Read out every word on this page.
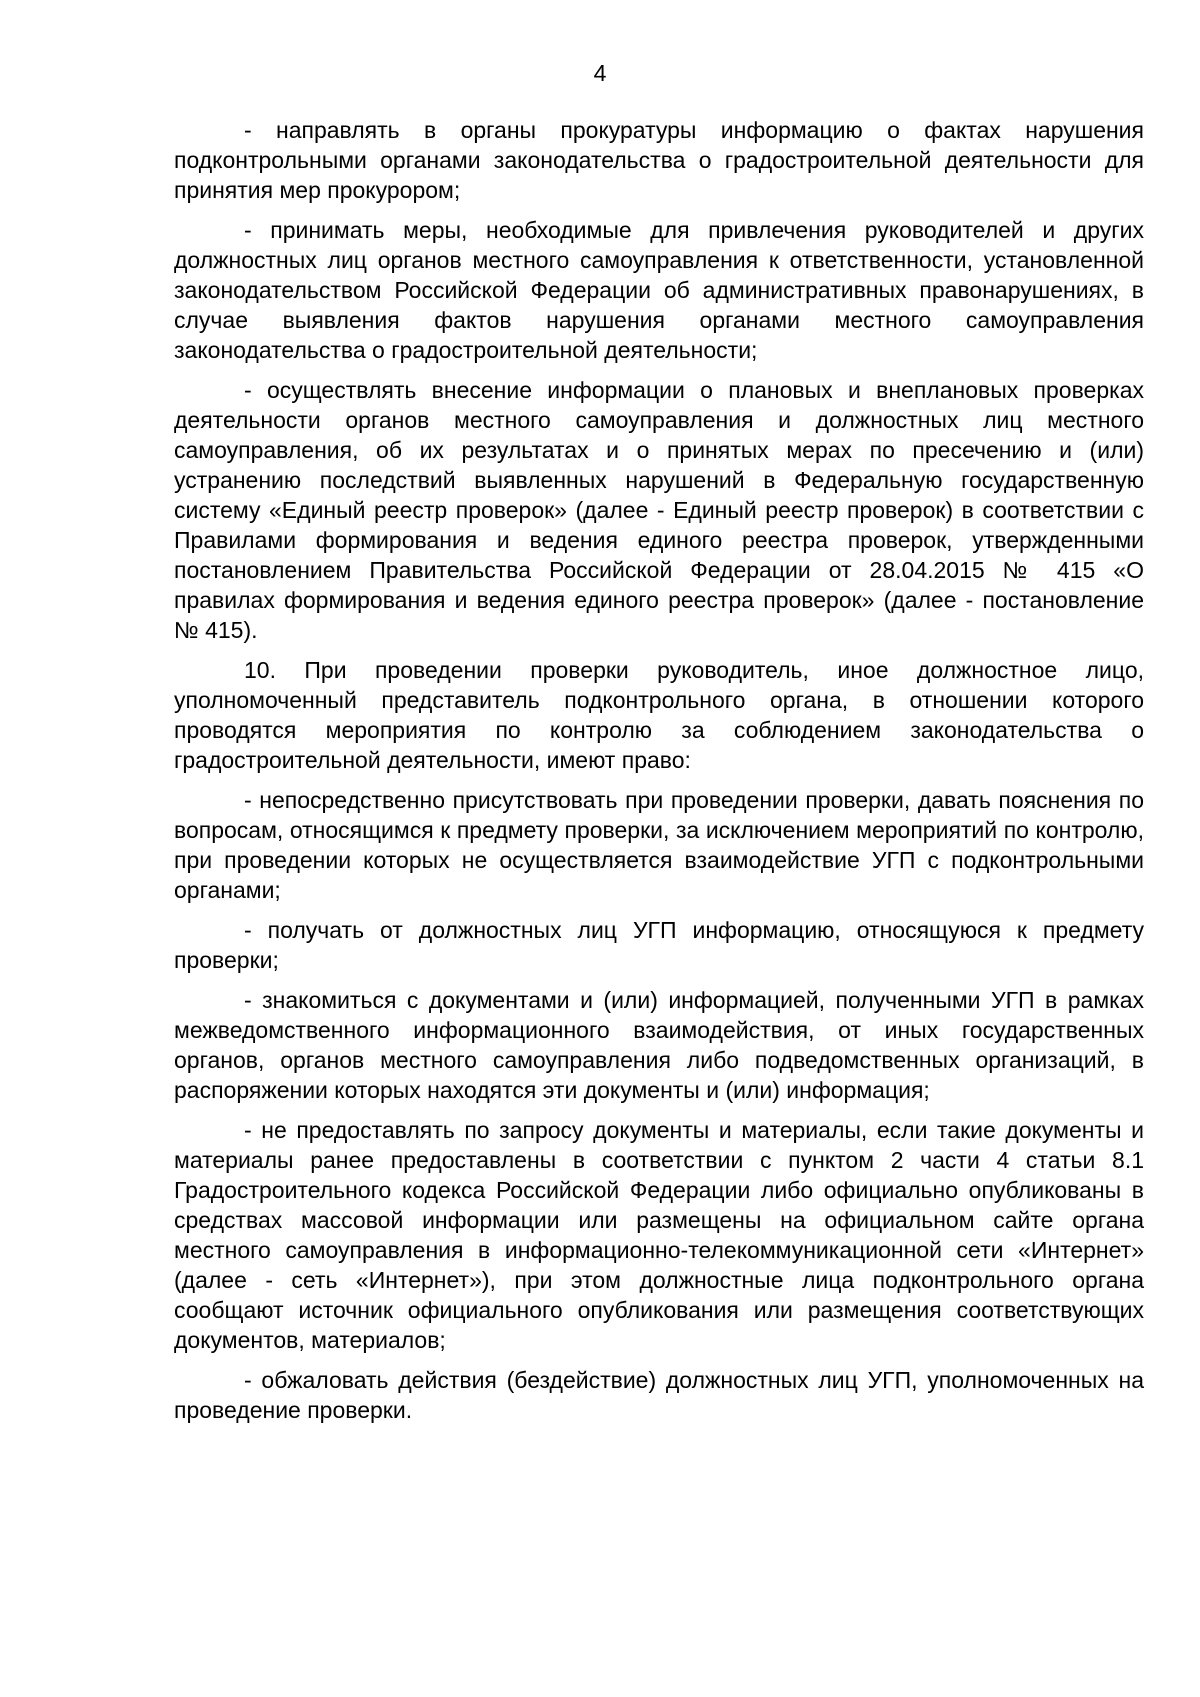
4

- направлять в органы прокуратуры информацию о фактах нарушения подконтрольными органами законодательства о градостроительной деятельности для принятия мер прокурором;

- принимать меры, необходимые для привлечения руководителей и других должностных лиц органов местного самоуправления к ответственности, установленной законодательством Российской Федерации об административных правонарушениях, в случае выявления фактов нарушения органами местного самоуправления законодательства о градостроительной деятельности;

- осуществлять внесение информации о плановых и внеплановых проверках деятельности органов местного самоуправления и должностных лиц местного самоуправления, об их результатах и о принятых мерах по пресечению и (или) устранению последствий выявленных нарушений в Федеральную государственную систему «Единый реестр проверок» (далее - Единый реестр проверок) в соответствии с Правилами формирования и ведения единого реестра проверок, утвержденными постановлением Правительства Российской Федерации от 28.04.2015 № 415 «О правилах формирования и ведения единого реестра проверок» (далее - постановление № 415).

10. При проведении проверки руководитель, иное должностное лицо, уполномоченный представитель подконтрольного органа, в отношении которого проводятся мероприятия по контролю за соблюдением законодательства о градостроительной деятельности, имеют право:

- непосредственно присутствовать при проведении проверки, давать пояснения по вопросам, относящимся к предмету проверки, за исключением мероприятий по контролю, при проведении которых не осуществляется взаимодействие УГП с подконтрольными органами;

- получать от должностных лиц УГП информацию, относящуюся к предмету проверки;

- знакомиться с документами и (или) информацией, полученными УГП в рамках межведомственного информационного взаимодействия, от иных государственных органов, органов местного самоуправления либо подведомственных организаций, в распоряжении которых находятся эти документы и (или) информация;

- не предоставлять по запросу документы и материалы, если такие документы и материалы ранее предоставлены в соответствии с пунктом 2 части 4 статьи 8.1 Градостроительного кодекса Российской Федерации либо официально опубликованы в средствах массовой информации или размещены на официальном сайте органа местного самоуправления в информационно-телекоммуникационной сети «Интернет» (далее - сеть «Интернет»), при этом должностные лица подконтрольного органа сообщают источник официального опубликования или размещения соответствующих документов, материалов;

- обжаловать действия (бездействие) должностных лиц УГП, уполномоченных на проведение проверки.
